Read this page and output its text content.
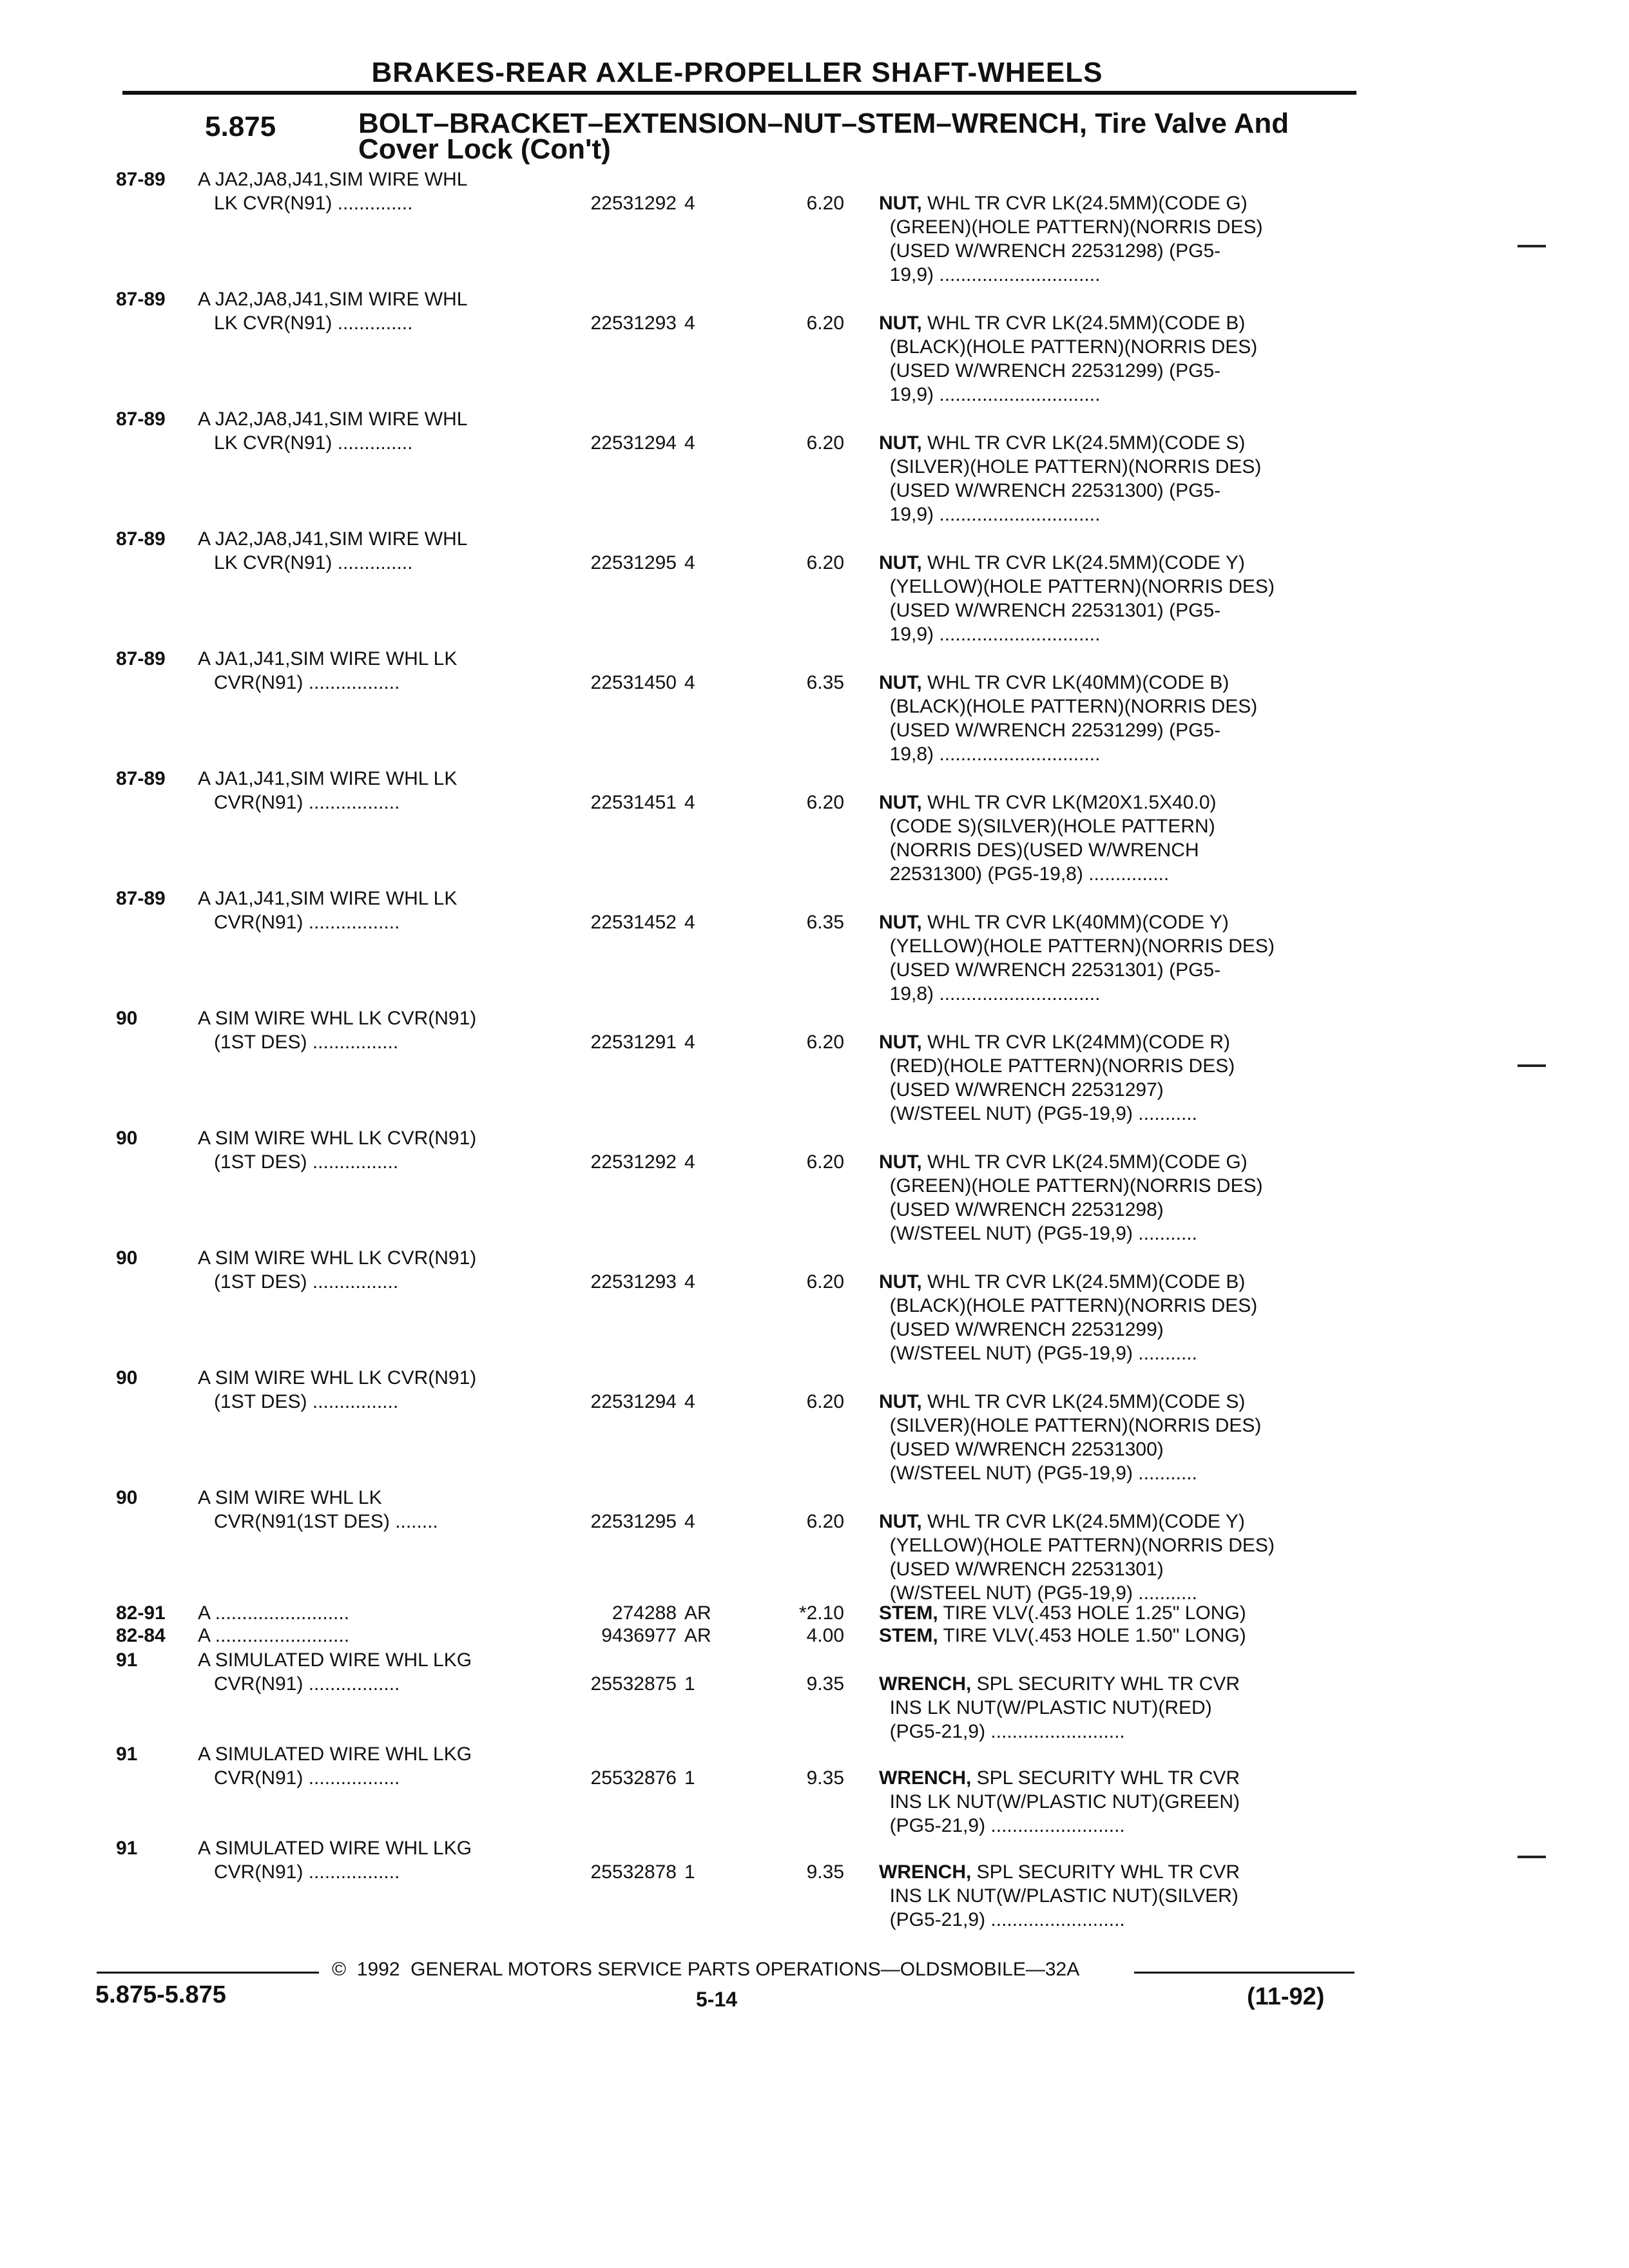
BRAKES-REAR AXLE-PROPELLER SHAFT-WHEELS
5.875	BOLT–BRACKET–EXTENSION–NUT–STEM–WRENCH, Tire Valve And
Cover Lock (Con't)
87-89	A JA2,JA8,J41,SIM WIRE WHL
LK CVR(N91) ..............	22531292 4	6.20 NUT, WHL TR CVR LK(24.5MM)(CODE G)
(GREEN)(HOLE PATTERN)(NORRIS DES)
(USED W/WRENCH 22531298) (PG5-
19,9) ..............................
87-89	A JA2,JA8,J41,SIM WIRE WHL
LK CVR(N91) ..............	22531293 4	6.20 NUT, WHL TR CVR LK(24.5MM)(CODE B)
(BLACK)(HOLE PATTERN)(NORRIS DES)
(USED W/WRENCH 22531299) (PG5-
19,9) ..............................
87-89	A JA2,JA8,J41,SIM WIRE WHL
LK CVR(N91) ..............	22531294 4	6.20 NUT, WHL TR CVR LK(24.5MM)(CODE S)
(SILVER)(HOLE PATTERN)(NORRIS DES)
(USED W/WRENCH 22531300) (PG5-
19,9) ..............................
87-89	A JA2,JA8,J41,SIM WIRE WHL
LK CVR(N91) ..............	22531295 4	6.20 NUT, WHL TR CVR LK(24.5MM)(CODE Y)
(YELLOW)(HOLE PATTERN)(NORRIS DES)
(USED W/WRENCH 22531301) (PG5-
19,9) ..............................
87-89	A JA1,J41,SIM WIRE WHL LK
CVR(N91) .................	22531450 4	6.35 NUT, WHL TR CVR LK(40MM)(CODE B)
(BLACK)(HOLE PATTERN)(NORRIS DES)
(USED W/WRENCH 22531299) (PG5-
19,8) ..............................
87-89	A JA1,J41,SIM WIRE WHL LK
CVR(N91) .................	22531451 4	6.20 NUT, WHL TR CVR LK(M20X1.5X40.0)
(CODE S)(SILVER)(HOLE PATTERN)
(NORRIS DES)(USED W/WRENCH
22531300) (PG5-19,8) ...............
87-89	A JA1,J41,SIM WIRE WHL LK
CVR(N91) .................	22531452 4	6.35 NUT, WHL TR CVR LK(40MM)(CODE Y)
(YELLOW)(HOLE PATTERN)(NORRIS DES)
(USED W/WRENCH 22531301) (PG5-
19,8) ..............................
90	A SIM WIRE WHL LK CVR(N91)
(1ST DES) ................	22531291 4	6.20 NUT, WHL TR CVR LK(24MM)(CODE R)
(RED)(HOLE PATTERN)(NORRIS DES)
(USED W/WRENCH 22531297)
(W/STEEL NUT) (PG5-19,9) ...........
90	A SIM WIRE WHL LK CVR(N91)
(1ST DES) ................	22531292 4	6.20 NUT, WHL TR CVR LK(24.5MM)(CODE G)
(GREEN)(HOLE PATTERN)(NORRIS DES)
(USED W/WRENCH 22531298)
(W/STEEL NUT) (PG5-19,9) ...........
90	A SIM WIRE WHL LK CVR(N91)
(1ST DES) ................	22531293 4	6.20 NUT, WHL TR CVR LK(24.5MM)(CODE B)
(BLACK)(HOLE PATTERN)(NORRIS DES)
(USED W/WRENCH 22531299)
(W/STEEL NUT) (PG5-19,9) ...........
90	A SIM WIRE WHL LK CVR(N91)
(1ST DES) ................	22531294 4	6.20 NUT, WHL TR CVR LK(24.5MM)(CODE S)
(SILVER)(HOLE PATTERN)(NORRIS DES)
(USED W/WRENCH 22531300)
(W/STEEL NUT) (PG5-19,9) ...........
90	A SIM WIRE WHL LK
CVR(N91(1ST DES) ........	22531295 4	6.20 NUT, WHL TR CVR LK(24.5MM)(CODE Y)
(YELLOW)(HOLE PATTERN)(NORRIS DES)
(USED W/WRENCH 22531301)
(W/STEEL NUT) (PG5-19,9) ...........
82-91	A .........................	274288 AR	*2.10 STEM, TIRE VLV(.453 HOLE 1.25" LONG)
82-84	A .........................	9436977 AR	4.00 STEM, TIRE VLV(.453 HOLE 1.50" LONG)
91	A SIMULATED WIRE WHL LKG
CVR(N91) .................	25532875 1	9.35 WRENCH, SPL SECURITY WHL TR CVR
INS LK NUT(W/PLASTIC NUT)(RED)
(PG5-21,9) .........................
91	A SIMULATED WIRE WHL LKG
CVR(N91) .................	25532876 1	9.35 WRENCH, SPL SECURITY WHL TR CVR
INS LK NUT(W/PLASTIC NUT)(GREEN)
(PG5-21,9) .........................
91	A SIMULATED WIRE WHL LKG
CVR(N91) .................	25532878 1	9.35 WRENCH, SPL SECURITY WHL TR CVR
INS LK NUT(W/PLASTIC NUT)(SILVER)
(PG5-21,9) .........................
©  1992  GENERAL MOTORS SERVICE PARTS OPERATIONS—OLDSMOBILE—32A
5.875-5.875	5-14	(11-92)
